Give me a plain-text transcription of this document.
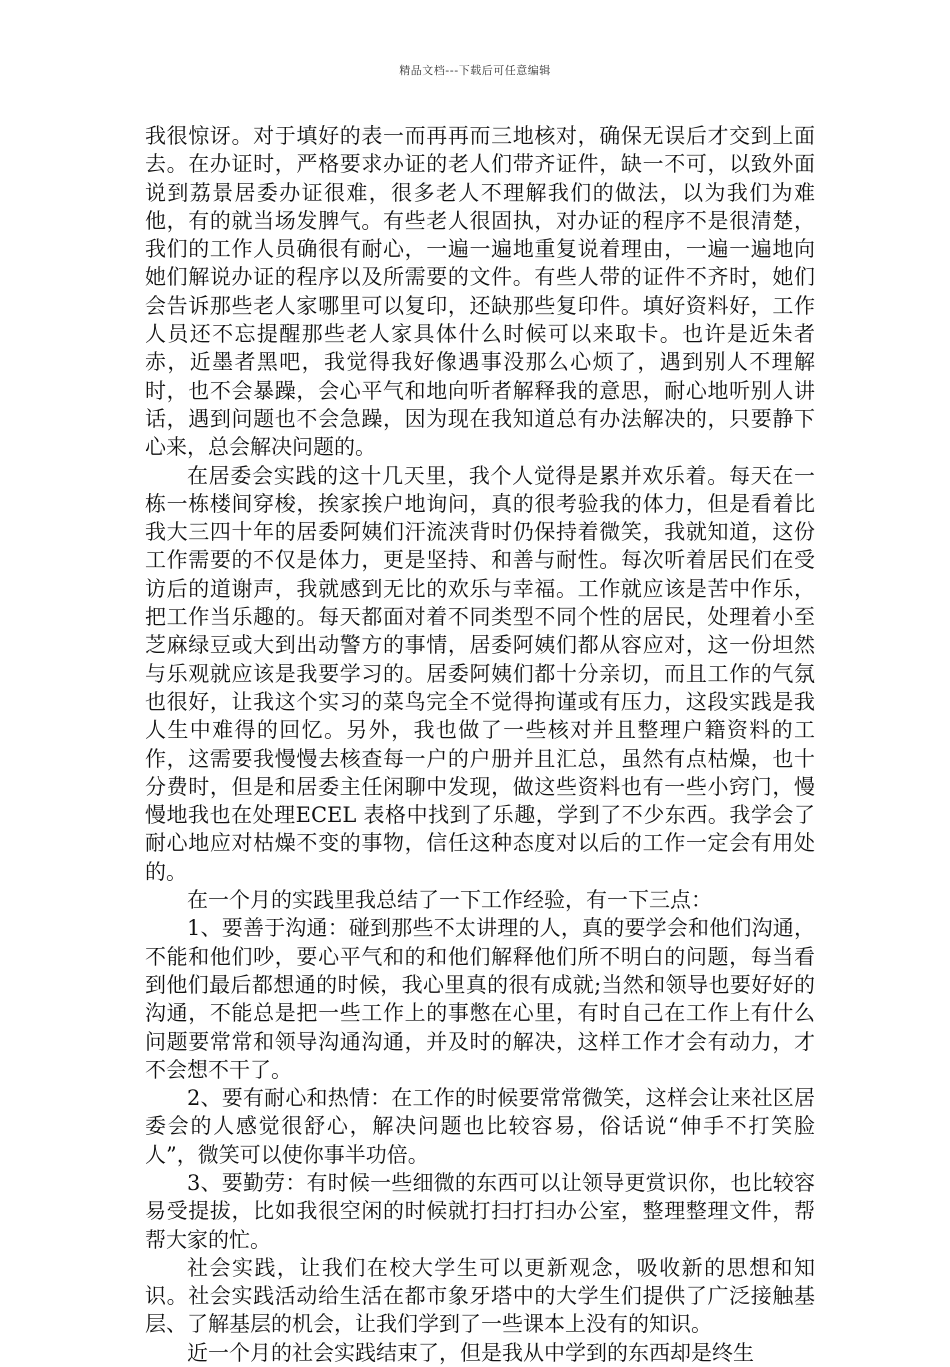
精品文档---下载后可任意编辑

我很惊讶。对于填好的表一而再再而三地核对，确保无误后才交到上面去。在办证时，严格要求办证的老人们带齐证件，缺一不可，以致外面说到荔景居委办证很难，很多老人不理解我们的做法，以为我们为难他，有的就当场发脾气。有些老人很固执，对办证的程序不是很清楚，我们的工作人员确很有耐心，一遍一遍地重复说着理由，一遍一遍地向她们解说办证的程序以及所需要的文件。有些人带的证件不齐时，她们会告诉那些老人家哪里可以复印，还缺那些复印件。填好资料好，工作人员还不忘提醒那些老人家具体什么时候可以来取卡。也许是近朱者赤，近墨者黑吧，我觉得我好像遇事没那么心烦了，遇到别人不理解时，也不会暴躁，会心平气和地向听者解释我的意思，耐心地听别人讲话，遇到问题也不会急躁，因为现在我知道总有办法解决的，只要静下心来，总会解决问题的。

在居委会实践的这十几天里，我个人觉得是累并欢乐着。每天在一栋一栋楼间穿梭，挨家挨户地询问，真的很考验我的体力，但是看着比我大三四十年的居委阿姨们汗流浃背时仍保持着微笑，我就知道，这份工作需要的不仅是体力，更是坚持、和善与耐性。每次听着居民们在受访后的道谢声，我就感到无比的欢乐与幸福。工作就应该是苦中作乐，把工作当乐趣的。每天都面对着不同类型不同个性的居民，处理着小至芝麻绿豆或大到出动警方的事情，居委阿姨们都从容应对，这一份坦然与乐观就应该是我要学习的。居委阿姨们都十分亲切，而且工作的气氛也很好，让我这个实习的菜鸟完全不觉得拘谨或有压力，这段实践是我人生中难得的回忆。另外，我也做了一些核对并且整理户籍资料的工作，这需要我慢慢去核查每一户的户册并且汇总，虽然有点枯燥，也十分费时，但是和居委主任闲聊中发现，做这些资料也有一些小窍门，慢慢地我也在处理ECEL 表格中找到了乐趣，学到了不少东西。我学会了耐心地应对枯燥不变的事物，信任这种态度对以后的工作一定会有用处的。

在一个月的实践里我总结了一下工作经验，有一下三点：

1、要善于沟通：碰到那些不太讲理的人，真的要学会和他们沟通，不能和他们吵，要心平气和的和他们解释他们所不明白的问题，每当看到他们最后都想通的时候，我心里真的很有成就;当然和领导也要好好的沟通，不能总是把一些工作上的事憋在心里，有时自己在工作上有什么问题要常常和领导沟通沟通，并及时的解决，这样工作才会有动力，才不会想不干了。

2、要有耐心和热情：在工作的时候要常常微笑，这样会让来社区居委会的人感觉很舒心，解决问题也比较容易，俗话说“伸手不打笑脸人”，微笑可以使你事半功倍。

3、要勤劳：有时候一些细微的东西可以让领导更赏识你，也比较容易受提拔，比如我很空闲的时候就打扫打扫办公室，整理整理文件，帮帮大家的忙。

社会实践，让我们在校大学生可以更新观念，吸收新的思想和知识。社会实践活动给生活在都市象牙塔中的大学生们提供了广泛接触基层、了解基层的机会，让我们学到了一些课本上没有的知识。

近一个月的社会实践结束了，但是我从中学到的东西却是终生
